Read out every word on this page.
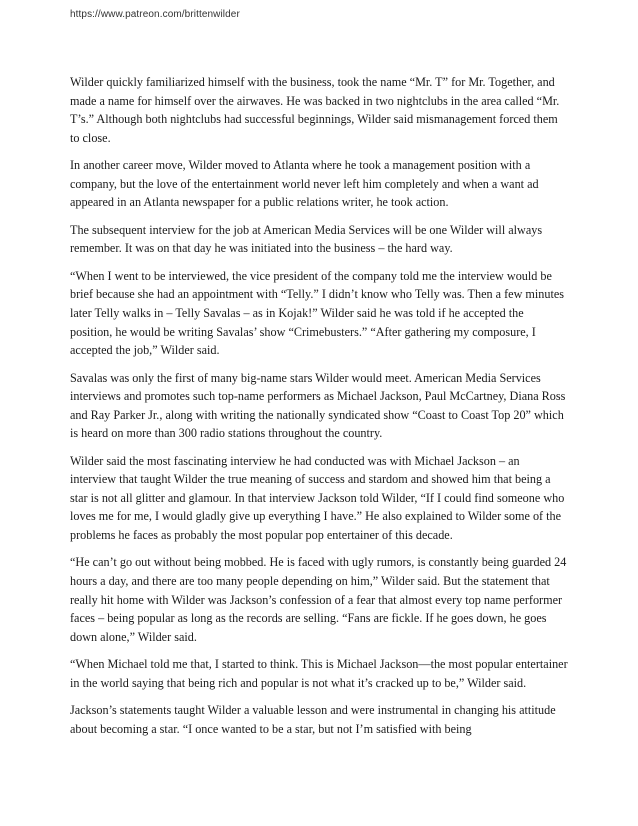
https://www.patreon.com/brittenwilder

Wilder quickly familiarized himself with the business, took the name “Mr. T” for Mr. Together, and made a name for himself over the airwaves. He was backed in two nightclubs in the area called “Mr. T’s.” Although both nightclubs had successful beginnings, Wilder said mismanagement forced them to close.

In another career move, Wilder moved to Atlanta where he took a management position with a company, but the love of the entertainment world never left him completely and when a want ad appeared in an Atlanta newspaper for a public relations writer, he took action.

The subsequent interview for the job at American Media Services will be one Wilder will always remember. It was on that day he was initiated into the business – the hard way.

“When I went to be interviewed, the vice president of the company told me the interview would be brief because she had an appointment with “Telly.” I didn’t know who Telly was. Then a few minutes later Telly walks in – Telly Savalas – as in Kojak!” Wilder said he was told if he accepted the position, he would be writing Savalas’ show “Crimebusters.” “After gathering my composure, I accepted the job,” Wilder said.

Savalas was only the first of many big-name stars Wilder would meet. American Media Services interviews and promotes such top-name performers as Michael Jackson, Paul McCartney, Diana Ross and Ray Parker Jr., along with writing the nationally syndicated show “Coast to Coast Top 20” which is heard on more than 300 radio stations throughout the country.

Wilder said the most fascinating interview he had conducted was with Michael Jackson – an interview that taught Wilder the true meaning of success and stardom and showed him that being a star is not all glitter and glamour. In that interview Jackson told Wilder, “If I could find someone who loves me for me, I would gladly give up everything I have.” He also explained to Wilder some of the problems he faces as probably the most popular pop entertainer of this decade.

“He can’t go out without being mobbed. He is faced with ugly rumors, is constantly being guarded 24 hours a day, and there are too many people depending on him,” Wilder said. But the statement that really hit home with Wilder was Jackson’s confession of a fear that almost every top name performer faces – being popular as long as the records are selling. “Fans are fickle. If he goes down, he goes down alone,” Wilder said.

“When Michael told me that, I started to think. This is Michael Jackson—the most popular entertainer in the world saying that being rich and popular is not what it’s cracked up to be,” Wilder said.

Jackson’s statements taught Wilder a valuable lesson and were instrumental in changing his attitude about becoming a star. “I once wanted to be a star, but not I’m satisfied with being
